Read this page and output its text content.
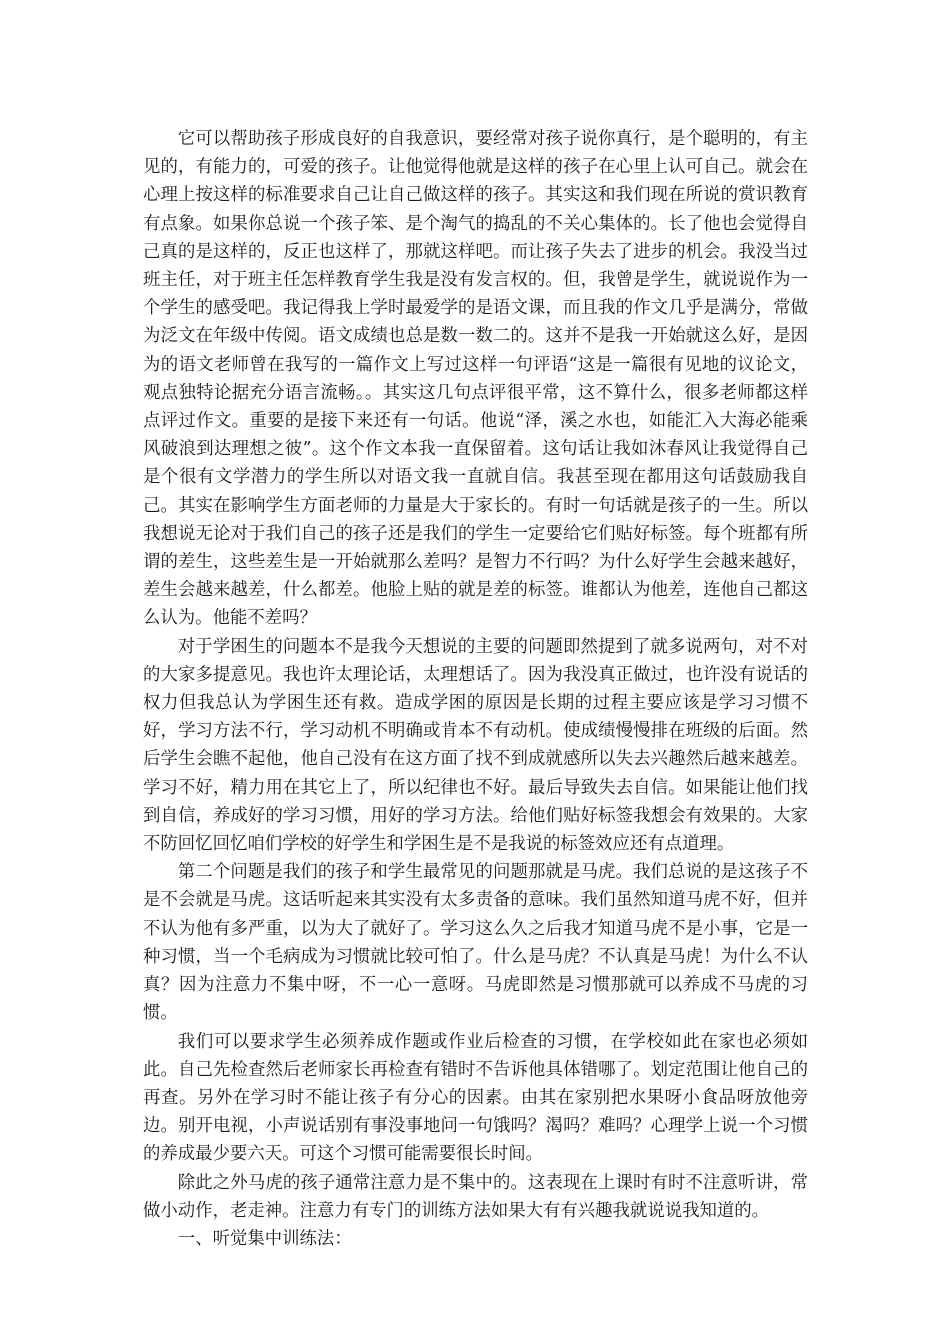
它可以帮助孩子形成良好的自我意识，要经常对孩子说你真行，是个聪明的，有主见的，有能力的，可爱的孩子。让他觉得他就是这样的孩子在心里上认可自己。就会在心理上按这样的标准要求自己让自己做这样的孩子。其实这和我们现在所说的赏识教育有点象。如果你总说一个孩子笨、是个淘气的捣乱的不关心集体的。长了他也会觉得自己真的是这样的，反正也这样了，那就这样吧。而让孩子失去了进步的机会。我没当过班主任，对于班主任怎样教育学生我是没有发言权的。但，我曾是学生，就说说作为一个学生的感受吧。我记得我上学时最爱学的是语文课，而且我的作文几乎是满分，常做为泛文在年级中传阅。语文成绩也总是数一数二的。这并不是我一开始就这么好，是因为的语文老师曾在我写的一篇作文上写过这样一句评语“这是一篇很有见地的议论文，观点独特论据充分语言流畅。。其实这几句点评很平常，这不算什么，很多老师都这样点评过作文。重要的是接下来还有一句话。他说“泽，溪之水也，如能汇入大海必能乘风破浪到达理想之彼”。这个作文本我一直保留着。这句话让我如沐春风让我觉得自己是个很有文学潜力的学生所以对语文我一直就自信。我甚至现在都用这句话鼓励我自己。其实在影响学生方面老师的力量是大于家长的。有时一句话就是孩子的一生。所以我想说无论对于我们自己的孩子还是我们的学生一定要给它们贴好标签。每个班都有所谓的差生，这些差生是一开始就那么差吗？是智力不行吗？为什么好学生会越来越好，差生会越来越差，什么都差。他脸上贴的就是差的标签。谁都认为他差，连他自己都这么认为。他能不差吗？

对于学困生的问题本不是我今天想说的主要的问题即然提到了就多说两句，对不对的大家多提意见。我也许太理论话，太理想话了。因为我没真正做过，也许没有说话的权力但我总认为学困生还有救。造成学困的原因是长期的过程主要应该是学习习惯不好，学习方法不行，学习动机不明确或肯本不有动机。使成绩慢慢排在班级的后面。然后学生会瞧不起他，他自己没有在这方面了找不到成就感所以失去兴趣然后越来越差。学习不好，精力用在其它上了，所以纪律也不好。最后导致失去自信。如果能让他们找到自信，养成好的学习习惯，用好的学习方法。给他们贴好标签我想会有效果的。大家不防回忆回忆咱们学校的好学生和学困生是不是我说的标签效应还有点道理。

第二个问题是我们的孩子和学生最常见的问题那就是马虎。我们总说的是这孩子不是不会就是马虎。这话听起来其实没有太多责备的意味。我们虽然知道马虎不好，但并不认为他有多严重，以为大了就好了。学习这么久之后我才知道马虎不是小事，它是一种习惯，当一个毛病成为习惯就比较可怕了。什么是马虎？不认真是马虎！为什么不认真？因为注意力不集中呀，不一心一意呀。马虎即然是习惯那就可以养成不马虎的习惯。

我们可以要求学生必须养成作题或作业后检查的习惯，在学校如此在家也必须如此。自己先检查然后老师家长再检查有错时不告诉他具体错哪了。划定范围让他自己的再查。另外在学习时不能让孩子有分心的因素。由其在家别把水果呀小食品呀放他旁边。别开电视，小声说话别有事没事地问一句饿吗？渴吗？难吗？心理学上说一个习惯的养成最少要六天。可这个习惯可能需要很长时间。

除此之外马虎的孩子通常注意力是不集中的。这表现在上课时有时不注意听讲，常做小动作，老走神。注意力有专门的训练方法如果大有有兴趣我就说说我知道的。

一、听觉集中训练法：
